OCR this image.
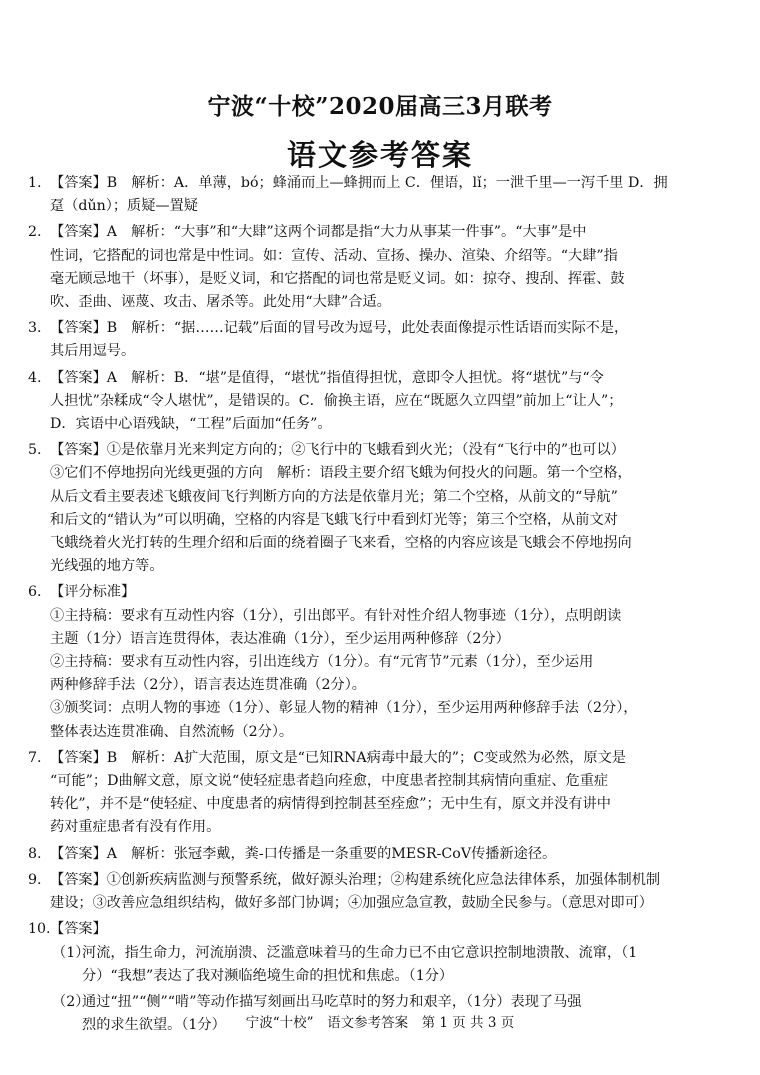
宁波“十校”2020届高三3月联考
语文参考答案
1. 【答案】B　解析：A．单薄，bó；蜂涌而上—蜂拥而上 C．俚语，lǐ；一泄千里—一泻千里 D．拥
趸（dǔn）；质疑—置疑
2. 【答案】A　解析：“大事”和“大肆”这两个词都是指“大力从事某一件事”。“大事”是中
性词，它搭配的词也常是中性词。如：宣传、活动、宣扬、操办、渲染、介绍等。“大肆”指
毫无顾忌地干（坏事），是贬义词，和它搭配的词也常是贬义词。如：掠夺、搜刮、挥霍、鼓
吹、歪曲、诬蔑、攻击、屠杀等。此处用“大肆”合适。
3. 【答案】B　解析：“据……记载”后面的冒号改为逗号，此处表面像提示性话语而实际不是，
其后用逗号。
4. 【答案】A　解析：B．“堪”是值得，“堪忧”指值得担忧，意即令人担忧。将“堪忧”与“令
人担忧”杂糅成“令人堪忧”，是错误的。C．偷换主语，应在“既愿久立四望”前加上“让人”；
D．宾语中心语残缺，“工程”后面加“任务”。
5. 【答案】①是依靠月光来判定方向的；②飞行中的飞蛾看到火光；（没有“飞行中的”也可以）
③它们不停地拐向光线更强的方向　解析：语段主要介绍飞蛾为何投火的问题。第一个空格，
从后文看主要表述飞蛾夜间飞行判断方向的方法是依靠月光；第二个空格，从前文的“导航”
和后文的“错认为”可以明确，空格的内容是飞蛾飞行中看到灯光等；第三个空格，从前文对
飞蛾绕着火光打转的生理介绍和后面的绕着圈子飞来看，空格的内容应该是飞蛾会不停地拐向
光线强的地方等。
6. 【评分标准】
①主持稿：要求有互动性内容（1分），引出郎平。有针对性介绍人物事迹（1分），点明朗读
主题（1分）语言连贯得体，表达准确（1分），至少运用两种修辞（2分）
②主持稿：要求有互动性内容，引出连线方（1分）。有“元宵节”元素（1分），至少运用
两种修辞手法（2分），语言表达连贯准确（2分）。
③颁奖词：点明人物的事迹（1分）、彰显人物的精神（1分），至少运用两种修辞手法（2分），
整体表达连贯准确、自然流畅（2分）。
7. 【答案】B　解析：A扩大范围，原文是“已知RNA病毒中最大的”；C变或然为必然，原文是
“可能”；D曲解文意，原文说“使轻症患者趋向痊愈，中度患者控制其病情向重症、危重症
转化”，并不是“使轻症、中度患者的病情得到控制甚至痊愈”；无中生有，原文并没有讲中
药对重症患者有没有作用。
8. 【答案】A　解析：张冠李戴，粪-口传播是一条重要的MESR-CoV传播新途径。
9. 【答案】①创新疾病监测与预警系统，做好源头治理；②构建系统化应急法律体系，加强体制机制
建设；③改善应急组织结构，做好多部门协调；④加强应急宣教，鼓励全民参与。（意思对即可）
10. 【答案】
（1）
河流，指生命力，河流崩溃、泛滥意味着马的生命力已不由它意识控制地溃散、流窜，（1
分）“我想”表达了我对濒临绝境生命的担忧和焦虑。（1分）
（2）
通过“扭”“侧”“啃”等动作描写刻画出马吃草时的努力和艰辛，（1分）表现了马强
烈的求生欲望。（1分）	宁波“十校”　语文参考答案　第 1 页 共 3 页
